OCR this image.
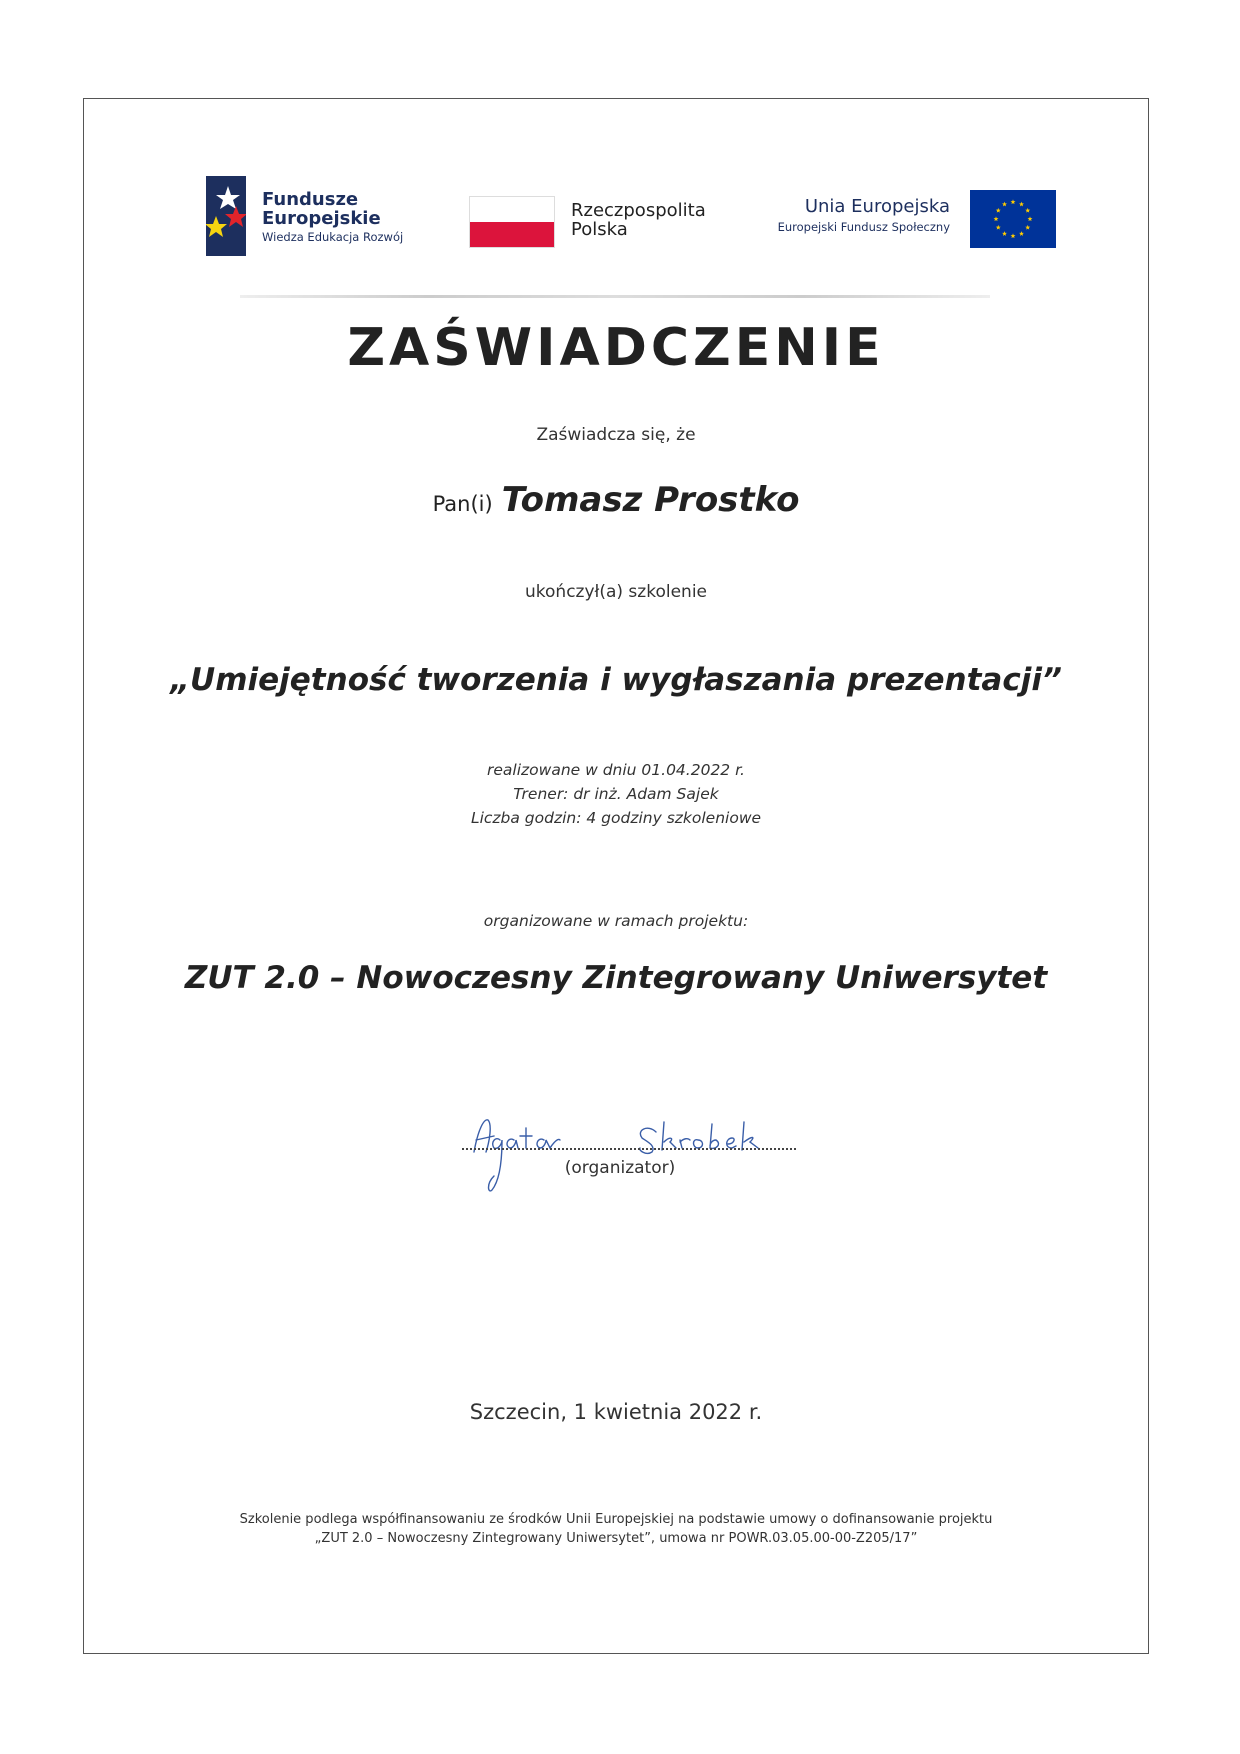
Fundusze
Europejskie
Wiedza Edukacja Rozwój
Rzeczpospolita
Polska
Unia Europejska
Europejski Fundusz Społeczny
ZAŚWIADCZENIE
Zaświadcza się, że
Pan(i) Tomasz Prostko
ukończył(a) szkolenie
„Umiejętność tworzenia i wygłaszania prezentacji”
realizowane w dniu 01.04.2022 r.
Trener: dr inż. Adam Sajek
Liczba godzin: 4 godziny szkoleniowe
organizowane w ramach projektu:
ZUT 2.0 – Nowoczesny Zintegrowany Uniwersytet
(organizator)
Szczecin, 1 kwietnia 2022 r.
Szkolenie podlega współfinansowaniu ze środków Unii Europejskiej na podstawie umowy o dofinansowanie projektu
„ZUT 2.0 – Nowoczesny Zintegrowany Uniwersytet”, umowa nr POWR.03.05.00-00-Z205/17”
